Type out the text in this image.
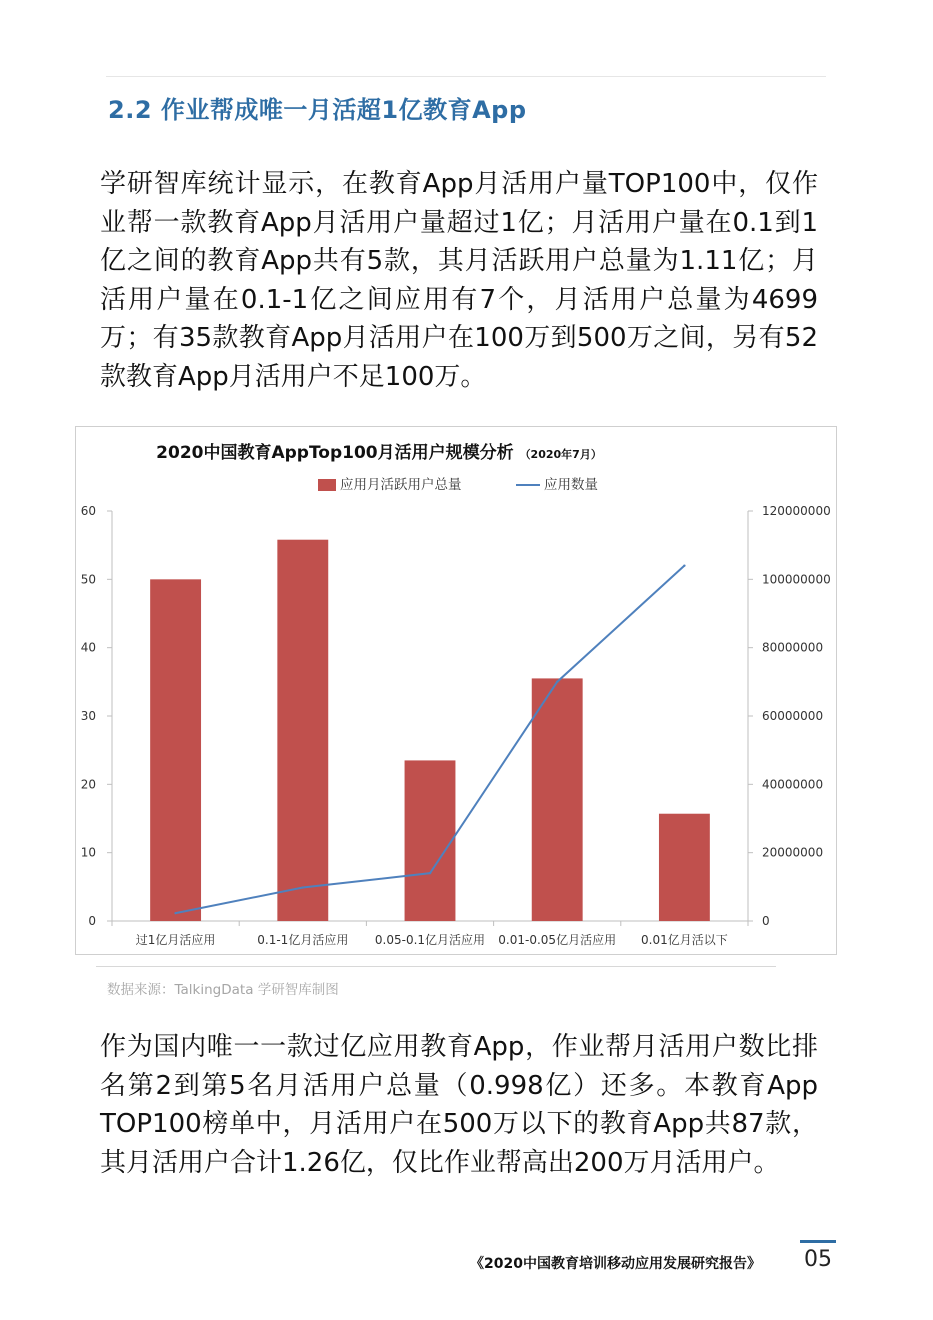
2.2 作业帮成唯一月活超1亿教育App
学研智库统计显示，在教育App月活用户量TOP100中，仅作业帮一款教育App月活用户量超过1亿；月活用户量在0.1到1亿之间的教育App共有5款，其月活跃用户总量为1.11亿；月活用户量在0.1-1亿之间应用有7个，月活用户总量为4699万；有35款教育App月活用户在100万到500万之间，另有52款教育App月活用户不足100万。
2020中国教育AppTop100月活用户规模分析 （2020年7月）
应用月活跃用户总量	应用数量
0
10
20
30
40
50
60
0
20000000
40000000
60000000
80000000
100000000
120000000
过1亿月活应用	0.1-1亿月活应用 0.05-0.1亿月活应用 0.01-0.05亿月活应用 0.01亿月活以下
数据来源：TalkingData 学研智库制图
作为国内唯一一款过亿应用教育App，作业帮月活用户数比排名第2到第5名月活用户总量（0.998亿）还多。本教育App TOP100榜单中，月活用户在500万以下的教育App共87款，其月活用户合计1.26亿，仅比作业帮高出200万月活用户。
《2020中国教育培训移动应用发展研究报告》 05
